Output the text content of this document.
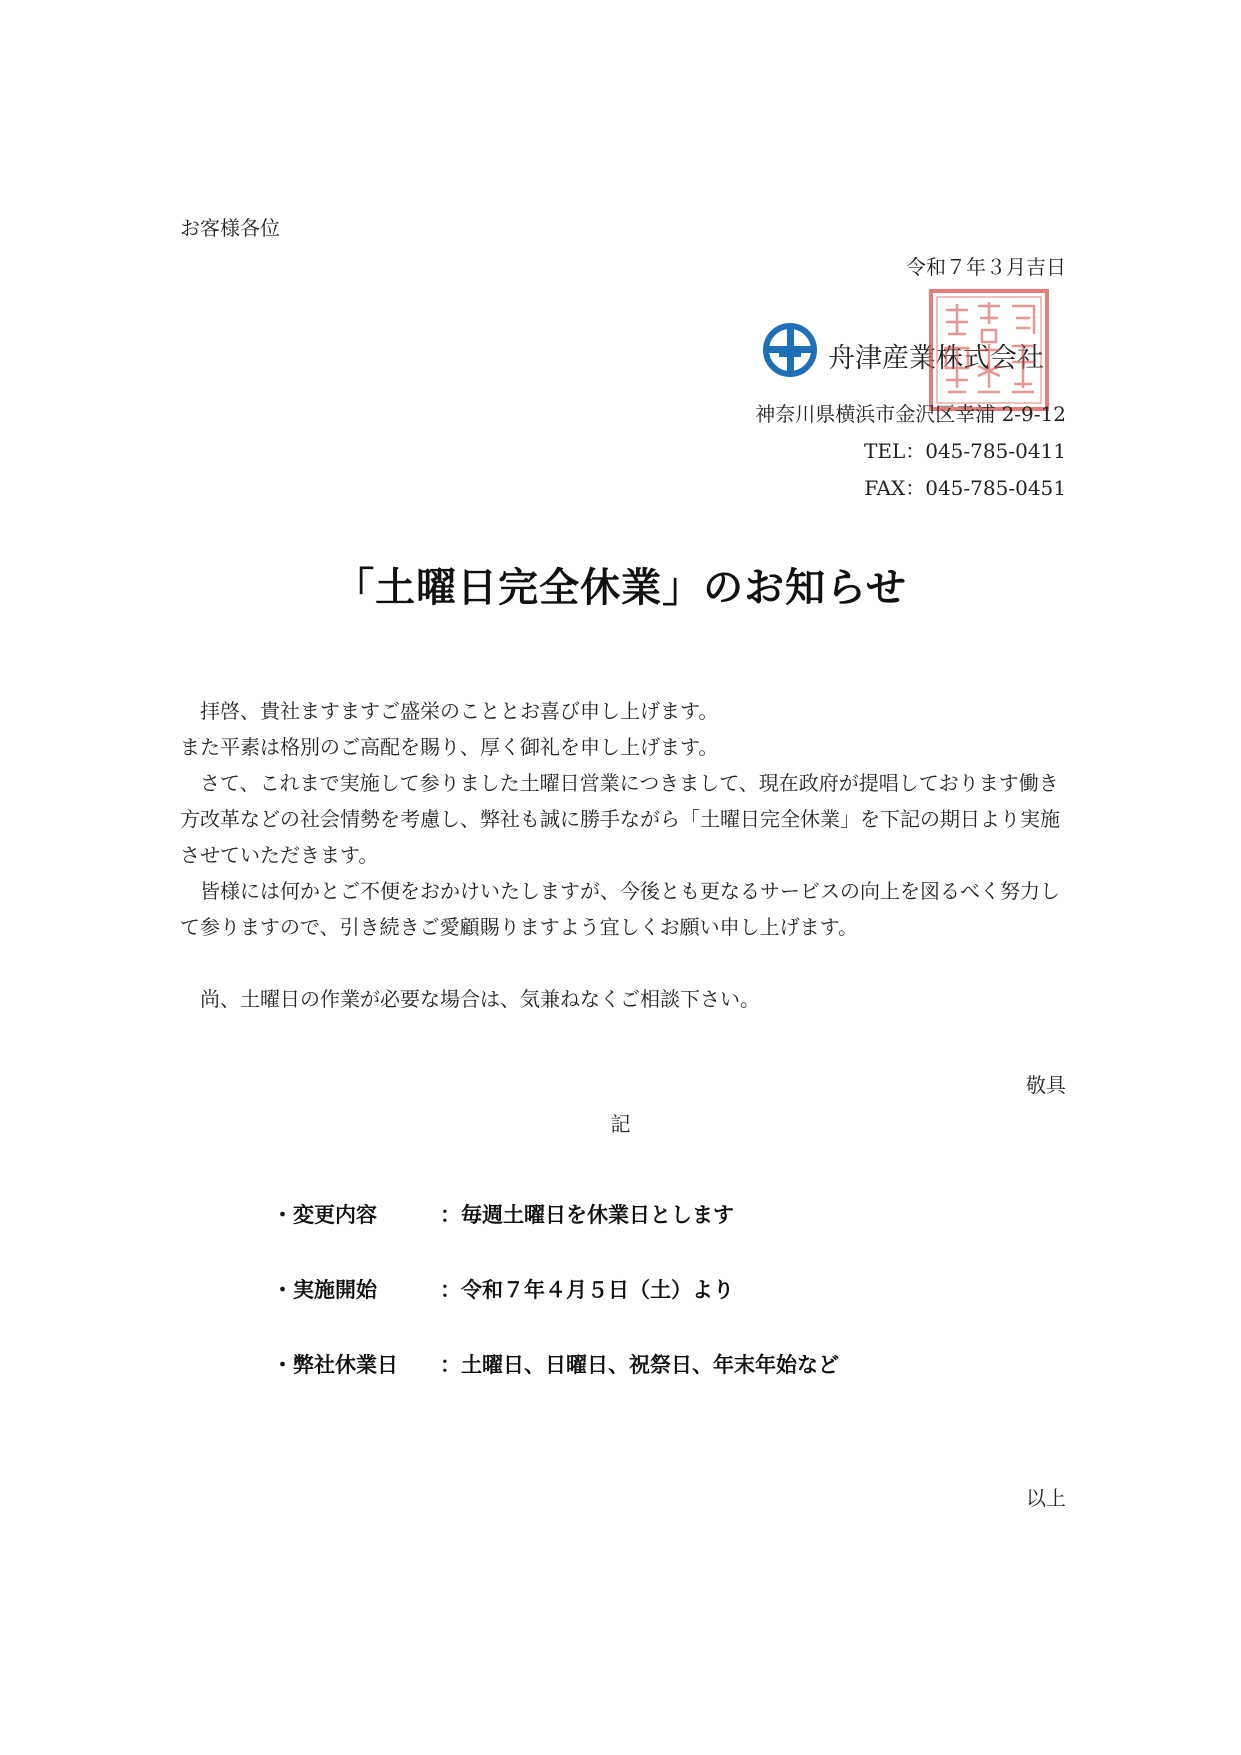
お客様各位
令和７年３月吉日
舟津産業株式会社
神奈川県横浜市金沢区幸浦 2-9-12
TEL：045-785-0411
FAX：045-785-0451
「土曜日完全休業」のお知らせ

　拝啓、貴社ますますご盛栄のこととお喜び申し上げます。

また平素は格別のご高配を賜り、厚く御礼を申し上げます。

　さて、これまで実施して参りました土曜日営業につきまして、現在政府が提唱しております働き方改革などの社会情勢を考慮し、弊社も誠に勝手ながら「土曜日完全休業」を下記の期日より実施させていただきます。

　皆様には何かとご不便をおかけいたしますが、今後とも更なるサービスの向上を図るべく努力して参りますので、引き続きご愛顧賜りますよう宜しくお願い申し上げます。

　尚、土曜日の作業が必要な場合は、気兼ねなくご相談下さい。

敬具
記
・変更内容	：毎週土曜日を休業日とします
・実施開始	：令和７年４月５日（土）より
・弊社休業日 ：土曜日、日曜日、祝祭日、年末年始など
以上
